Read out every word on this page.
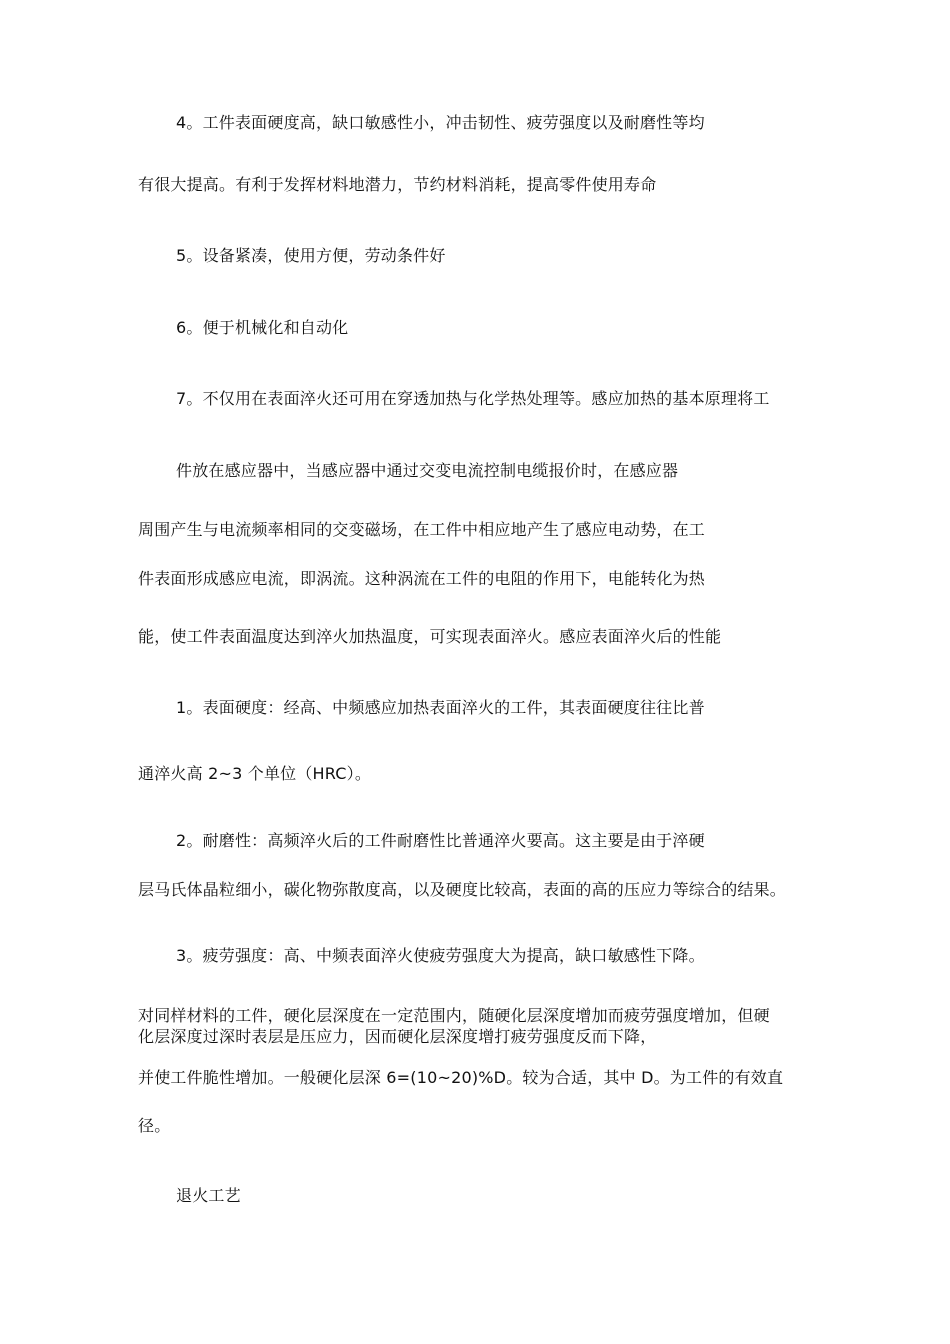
4。工件表面硬度高，缺口敏感性小，冲击韧性、疲劳强度以及耐磨性等均
有很大提高。有利于发挥材料地潜力，节约材料消耗，提高零件使用寿命
5。设备紧凑，使用方便，劳动条件好
6。便于机械化和自动化
7。不仅用在表面淬火还可用在穿透加热与化学热处理等。感应加热的基本原理将工
件放在感应器中，当感应器中通过交变电流控制电缆报价时，在感应器
周围产生与电流频率相同的交变磁场，在工件中相应地产生了感应电动势，在工
件表面形成感应电流，即涡流。这种涡流在工件的电阻的作用下，电能转化为热
能，使工件表面温度达到淬火加热温度，可实现表面淬火。感应表面淬火后的性能
1。表面硬度：经高、中频感应加热表面淬火的工件，其表面硬度往往比普
通淬火高 2~3 个单位（HRC）。
2。耐磨性：高频淬火后的工件耐磨性比普通淬火要高。这主要是由于淬硬
层马氏体晶粒细小，碳化物弥散度高，以及硬度比较高，表面的高的压应力等综合的结果。
3。疲劳强度：高、中频表面淬火使疲劳强度大为提高，缺口敏感性下降。
对同样材料的工件，硬化层深度在一定范围内，随硬化层深度增加而疲劳强度增加，但硬
化层深度过深时表层是压应力，因而硬化层深度增打疲劳强度反而下降，
并使工件脆性增加。一般硬化层深 6=(10~20)%D。较为合适，其中 D。为工件的有效直
径。
退火工艺
